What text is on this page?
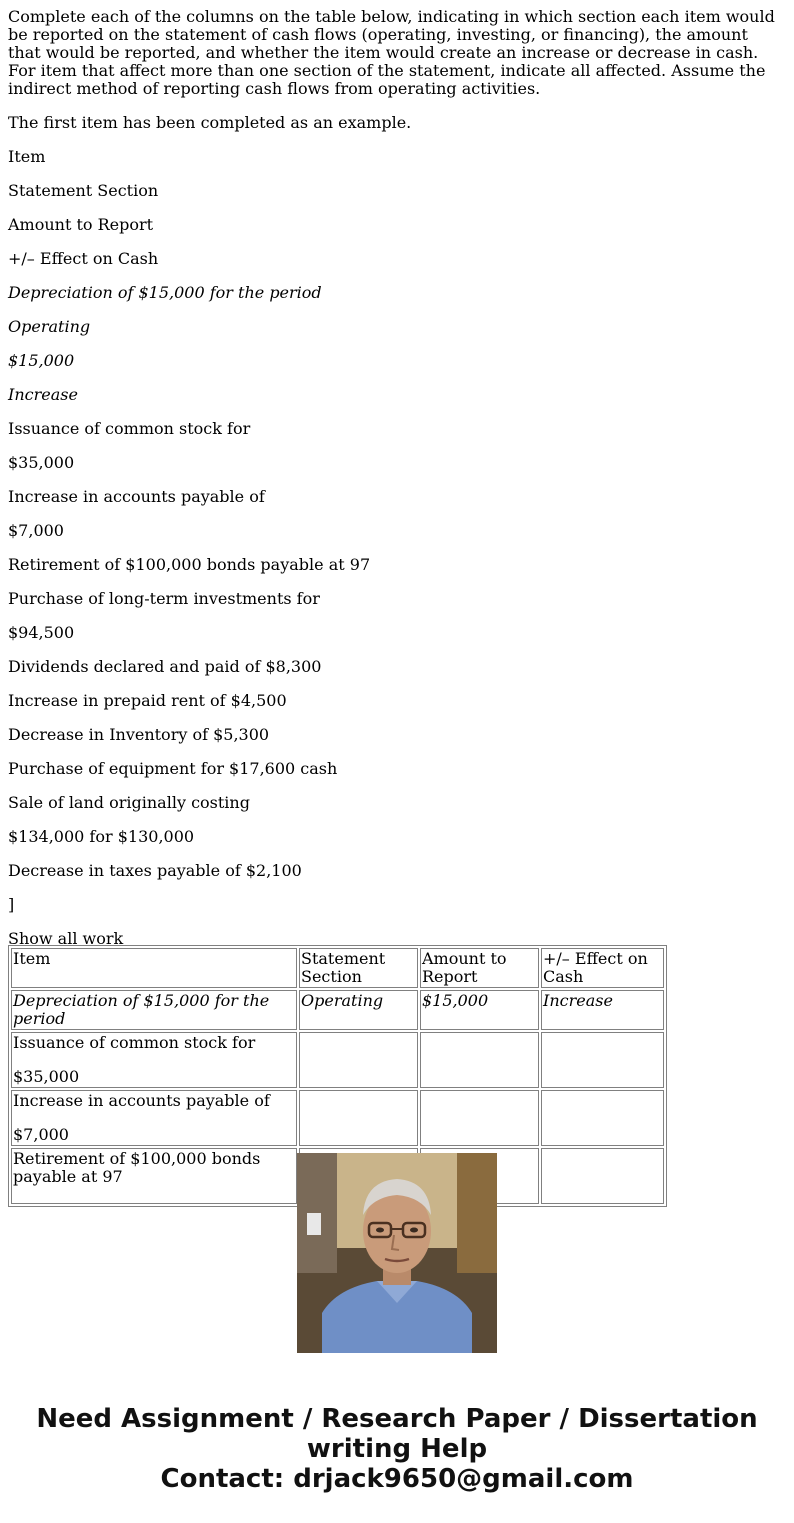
Complete each of the columns on the table below, indicating in which section each item would be reported on the statement of cash flows (operating, investing, or financing), the amount that would be reported, and whether the item would create an increase or decrease in cash. For item that affect more than one section of the statement, indicate all affected. Assume the indirect method of reporting cash flows from operating activities.

The first item has been completed as an example.

Item

Statement Section

Amount to Report

+/– Effect on Cash

Depreciation of $15,000 for the period

Operating

$15,000

Increase

Issuance of common stock for

$35,000

Increase in accounts payable of

$7,000

Retirement of $100,000 bonds payable at 97

Purchase of long-term investments for

$94,500

Dividends declared and paid of $8,300

Increase in prepaid rent of $4,500

Decrease in Inventory of $5,300

Purchase of equipment for $17,600 cash

Sale of land originally costing

$134,000 for $130,000

Decrease in taxes payable of $2,100

]

Show all work

Item	Statement Section	Amount to Report	+/– Effect on Cash
Depreciation of $15,000 for the period	Operating	$15,000	Increase

Issuance of common stock for
$35,000			

Increase in accounts payable of
$7,000			

Retirement of $100,000 bonds payable at 97			

Need Assignment / Research Paper / Dissertation
writing Help
Contact: drjack9650@gmail.com
